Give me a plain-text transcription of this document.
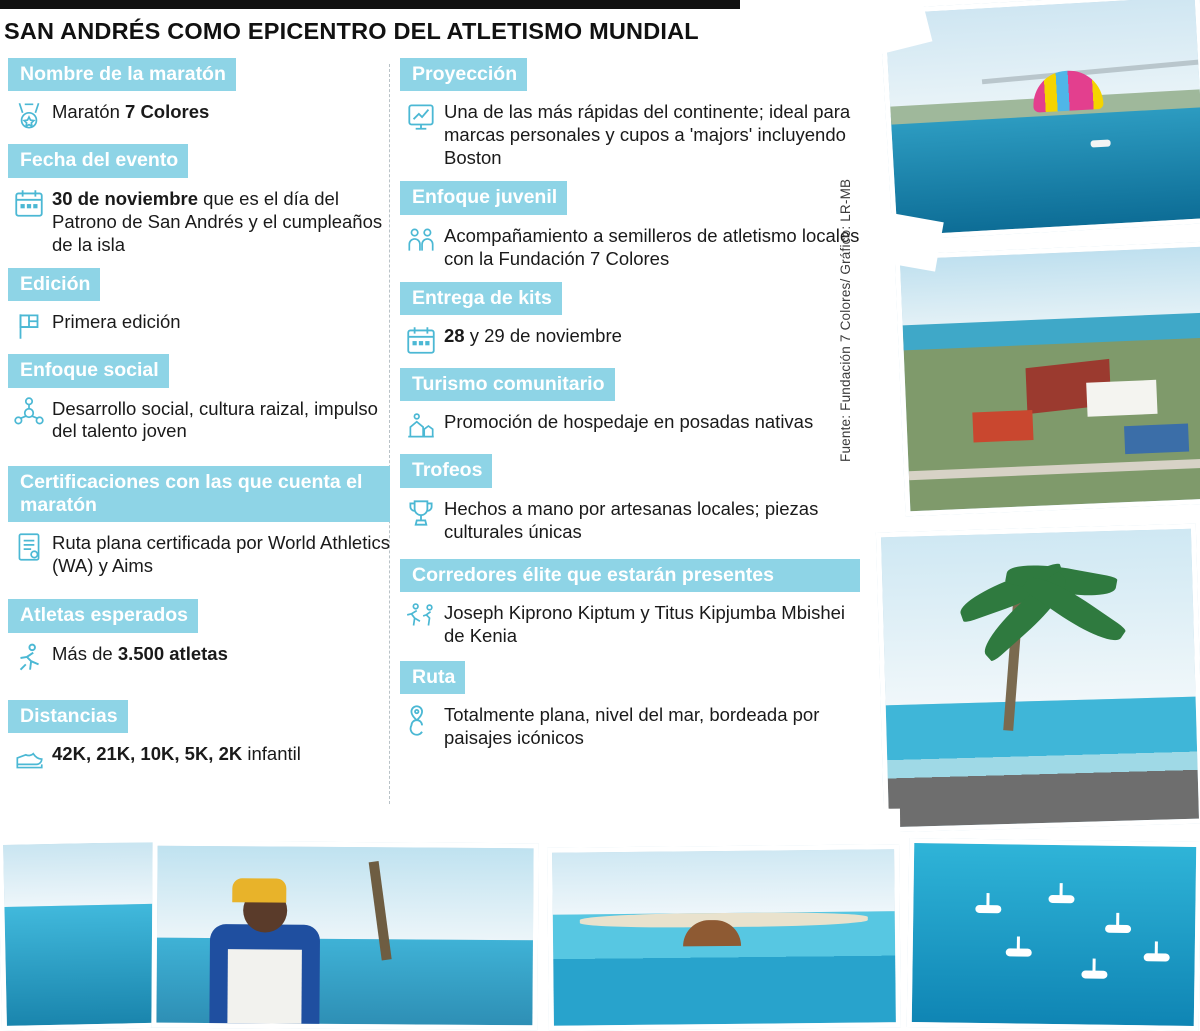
SAN ANDRÉS COMO EPICENTRO DEL ATLETISMO MUNDIAL
Nombre de la maratón
Maratón 7 Colores
Fecha del evento
30 de noviembre que es el día del Patrono de San Andrés y el cumpleaños de la isla
Edición
Primera edición
Enfoque social
Desarrollo social, cultura raizal, impulso del talento joven
Certificaciones con las que cuenta el maratón
Ruta plana certificada por World Athletics (WA) y Aims
Atletas esperados
Más de 3.500 atletas
Distancias
42K, 21K, 10K, 5K, 2K infantil
Proyección
Una de las más rápidas del continente; ideal para marcas personales y cupos a 'majors' incluyendo Boston
Enfoque juvenil
Acompañamiento a semilleros de atletismo locales con la Fundación 7 Colores
Entrega de kits
28 y 29 de noviembre
Turismo comunitario
Promoción de hospedaje en posadas nativas
Trofeos
Hechos a mano por artesanas locales; piezas culturales únicas
Corredores élite que estarán presentes
Joseph Kiprono Kiptum y Titus Kipjumba Mbishei de Kenia
Ruta
Totalmente plana, nivel del mar, bordeada por paisajes icónicos
Fuente: Fundación 7 Colores/ Gráfico: LR-MB
